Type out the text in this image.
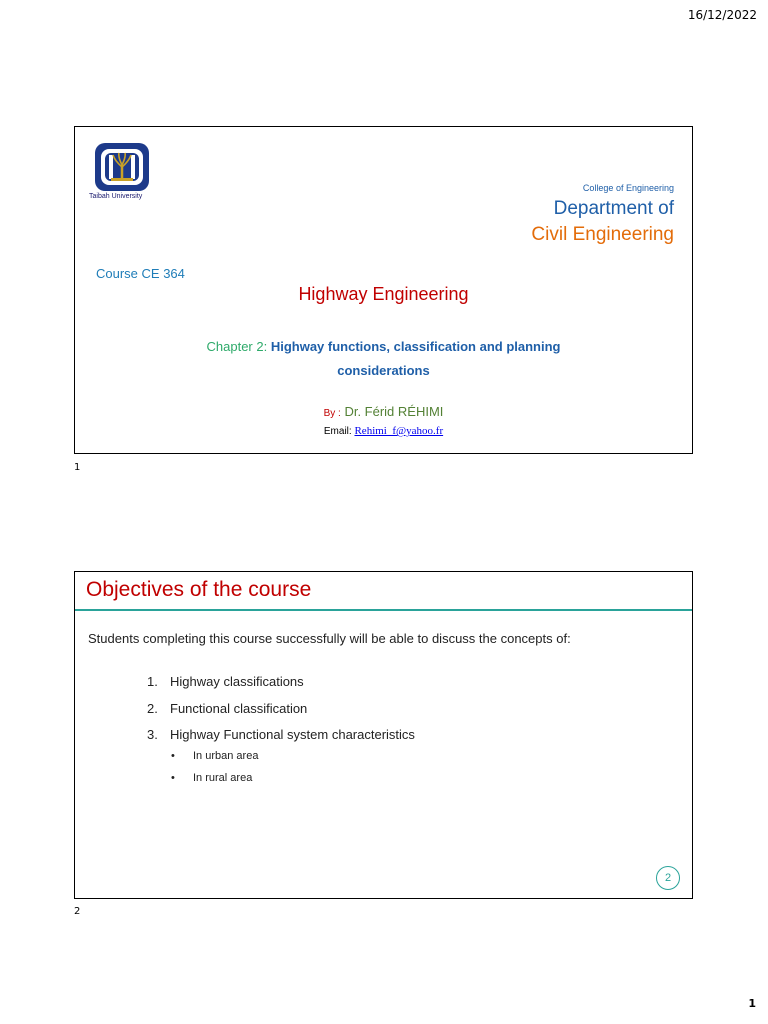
16/12/2022
Taibah University
College of Engineering
Department of
Civil Engineering
Course CE 364
Highway Engineering
Chapter 2: Highway functions, classification and planning
considerations
By : Dr. Férid RÉHIMI
Email: Rehimi_f@yahoo.fr
1
Objectives of the course
Students completing this course successfully will be able to discuss the concepts of:
1. Highway classifications
2. Functional classification
3. Highway Functional system characteristics
• In urban area
• In rural area
2
2
1
